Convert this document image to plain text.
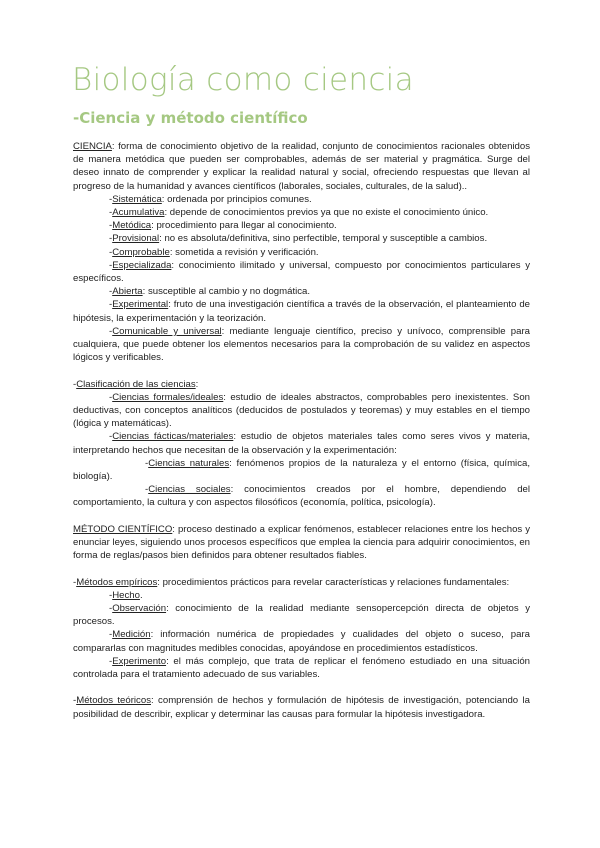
Biología como ciencia
-Ciencia y método científico

CIENCIA: forma de conocimiento objetivo de la realidad, conjunto de conocimientos racionales obtenidos de manera metódica que pueden ser comprobables, además de ser material y pragmática. Surge del deseo innato de comprender y explicar la realidad natural y social, ofreciendo respuestas que llevan al progreso de la humanidad y avances científicos (laborales, sociales, culturales, de la salud)..

-Sistemática: ordenada por principios comunes.

-Acumulativa: depende de conocimientos previos ya que no existe el conocimiento único.

-Metódica: procedimiento para llegar al conocimiento.

-Provisional: no es absoluta/definitiva, sino perfectible, temporal y susceptible a cambios.

-Comprobable: sometida a revisión y verificación.

-Especializada: conocimiento ilimitado y universal, compuesto por conocimientos particulares y específicos.

-Abierta: susceptible al cambio y no dogmática.

-Experimental: fruto de una investigación científica a través de la observación, el planteamiento de hipótesis, la experimentación y la teorización.

-Comunicable y universal: mediante lenguaje científico, preciso y unívoco, comprensible para cualquiera, que puede obtener los elementos necesarios para la comprobación de su validez en aspectos lógicos y verificables.

-Clasificación de las ciencias:

-Ciencias formales/ideales: estudio de ideales abstractos, comprobables pero inexistentes. Son deductivas, con conceptos analíticos (deducidos de postulados y teoremas) y muy estables en el tiempo (lógica y matemáticas).

-Ciencias fácticas/materiales: estudio de objetos materiales tales como seres vivos y materia, interpretando hechos que necesitan de la observación y la experimentación:

-Ciencias naturales: fenómenos propios de la naturaleza y el entorno (física, química, biología).

-Ciencias sociales: conocimientos creados por el hombre, dependiendo del comportamiento, la cultura y con aspectos filosóficos (economía, política, psicología).

MÉTODO CIENTÍFICO: proceso destinado a explicar fenómenos, establecer relaciones entre los hechos y enunciar leyes, siguiendo unos procesos específicos que emplea la ciencia para adquirir conocimientos, en forma de reglas/pasos bien definidos para obtener resultados fiables.

-Métodos empíricos: procedimientos prácticos para revelar características y relaciones fundamentales:

-Hecho.

-Observación: conocimiento de la realidad mediante sensopercepción directa de objetos y procesos.

-Medición: información numérica de propiedades y cualidades del objeto o suceso, para compararlas con magnitudes medibles conocidas, apoyándose en procedimientos estadísticos.

-Experimento: el más complejo, que trata de replicar el fenómeno estudiado en una situación controlada para el tratamiento adecuado de sus variables.

-Métodos teóricos: comprensión de hechos y formulación de hipótesis de investigación, potenciando la posibilidad de describir, explicar y determinar las causas para formular la hipótesis investigadora.
